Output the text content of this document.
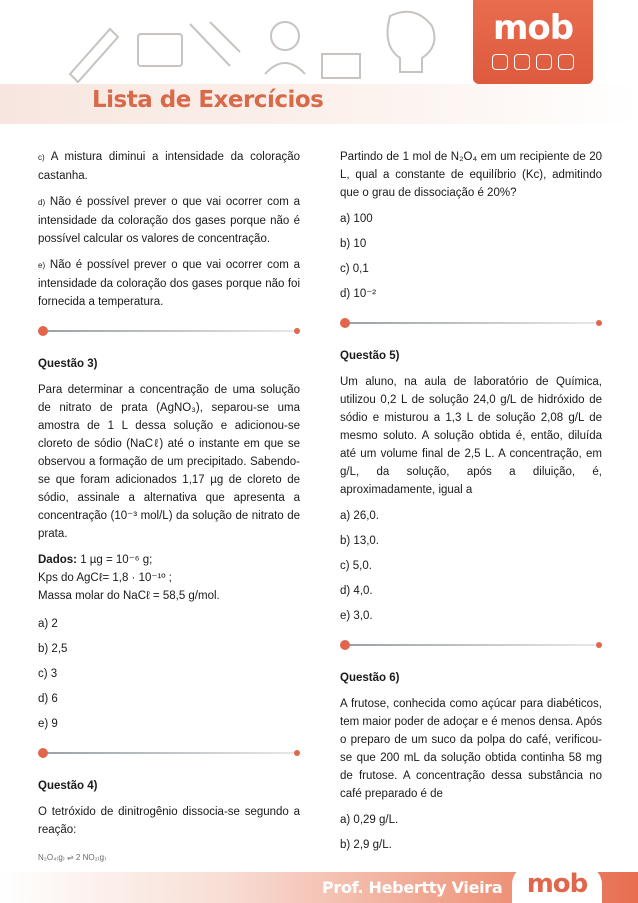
Lista de Exercícios
mob

c) A mistura diminui a intensidade da coloração castanha.

d) Não é possível prever o que vai ocorrer com a intensidade da coloração dos gases porque não é possível calcular os valores de concentração.

e) Não é possível prever o que vai ocorrer com a intensidade da coloração dos gases porque não foi fornecida a temperatura.

Questão 3)

Para determinar a concentração de uma solução de nitrato de prata (AgNO₃), separou-se uma amostra de 1 L dessa solução e adicionou-se cloreto de sódio (NaCℓ) até o instante em que se observou a formação de um precipitado. Sabendo-se que foram adicionados 1,17 µg de cloreto de sódio, assinale a alternativa que apresenta a concentração (10⁻³ mol/L) da solução de nitrato de prata.

Dados: 1 µg = 10⁻⁶ g;
Kps do AgCℓ= 1,8 · 10⁻¹º ;
Massa molar do NaCℓ = 58,5 g/mol.

a) 2

b) 2,5

c) 3

d) 6

e) 9

Questão 4)

O tetróxido de dinitrogênio dissocia-se segundo a reação:

N₂O₄₍g₎ ⇌ 2 NO₂₍g₎

Partindo de 1 mol de N₂O₄ em um recipiente de 20 L, qual a constante de equilíbrio (Kc), admitindo que o grau de dissociação é 20%?

a) 100

b) 10

c) 0,1

d) 10⁻²

Questão 5)

Um aluno, na aula de laboratório de Química, utilizou 0,2 L de solução 24,0 g/L de hidróxido de sódio e misturou a 1,3 L de solução 2,08 g/L de mesmo soluto. A solução obtida é, então, diluída até um volume final de 2,5 L. A concentração, em g/L, da solução, após a diluição, é, aproximadamente, igual a

a) 26,0.

b) 13,0.

c) 5,0.

d) 4,0.

e) 3,0.

Questão 6)

A frutose, conhecida como açúcar para diabéticos, tem maior poder de adoçar e é menos densa. Após o preparo de um suco da polpa do café, verificou-se que 200 mL da solução obtida continha 58 mg de frutose. A concentração dessa substância no café preparado é de

a) 0,29 g/L.

b) 2,9 g/L.

Prof. Hebertty Vieira mob
